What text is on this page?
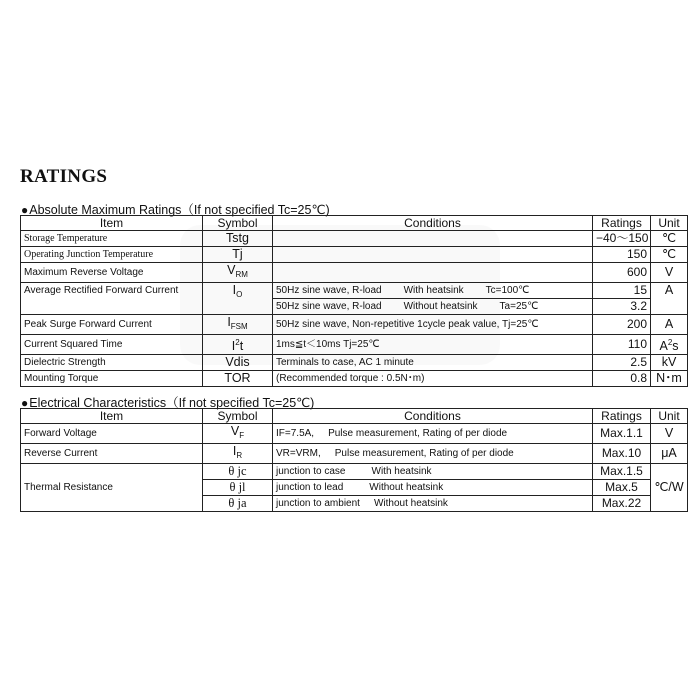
RATINGS
●Absolute Maximum Ratings（If not specified Tc=25℃)
Item	Symbol	Conditions	Ratings	Unit
Storage Temperature	Tstg		−40〜150	℃
Operating Junction Temperature	Tj		150	℃
Maximum Reverse Voltage	$V_{RM}$		600	V
Average Rectified Forward Current	$I_O$	50Hz sine wave, R-load With heatsink Tc=100℃	15	A
		50Hz sine wave, R-load Without heatsink Ta=25℃	3.2	
Peak Surge Forward Current	$I_{FSM}$	50Hz sine wave, Non-repetitive 1cycle peak value, Tj=25℃	200	A
Current Squared Time	$I^2t$	1ms≦t＜10ms Tj=25℃	110	$A^2s$
Dielectric Strength	Vdis	Terminals to case, AC 1 minute	2.5	kV
Mounting Torque	TOR	(Recommended torque : 0.5N･m)	0.8	N･m
●Electrical Characteristics（If not specified Tc=25℃)
Item	Symbol	Conditions	Ratings	Unit
Forward Voltage	$V_F$	IF=7.5A, Pulse measurement, Rating of per diode	Max.1.1	V
Reverse Current	$I_R$	VR=VRM, Pulse measurement, Rating of per diode	Max.10	μA
Thermal Resistance	θ jc	junction to case With heatsink	Max.1.5	℃/W
	θ jl	junction to lead Without heatsink	Max.5	
	θ ja	junction to ambient Without heatsink	Max.22	
